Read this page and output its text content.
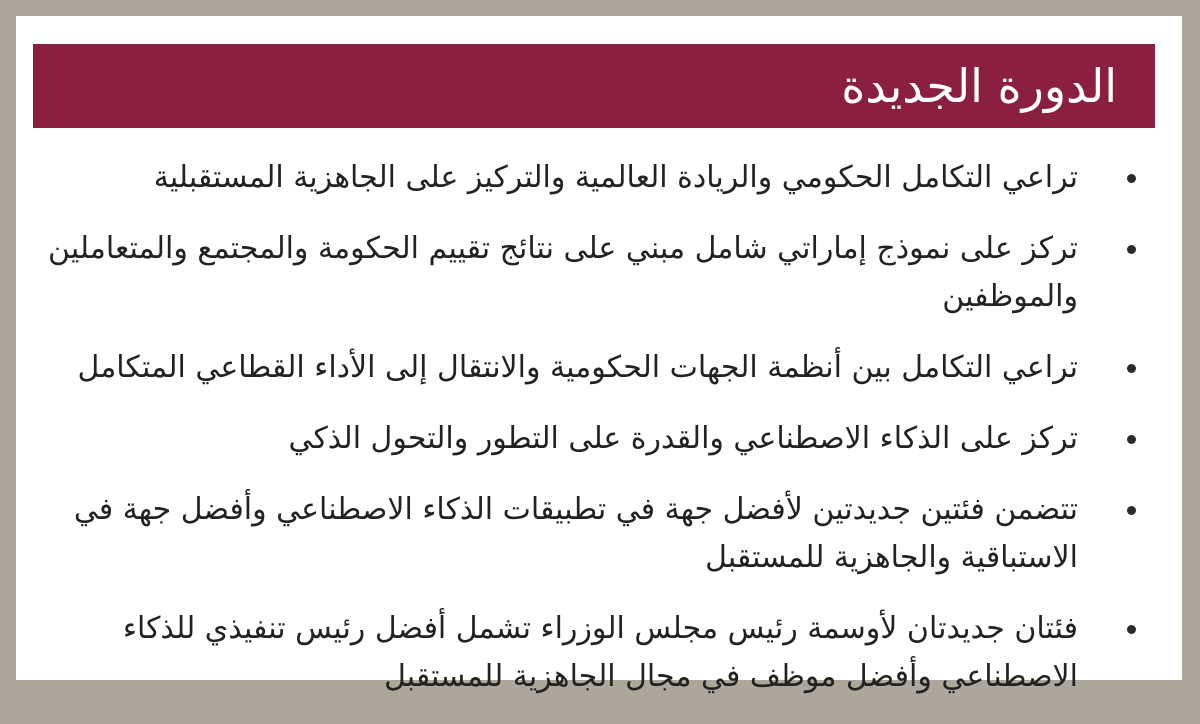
الدورة الجديدة
تراعي التكامل الحكومي والريادة العالمية والتركيز على الجاهزية المستقبلية
تركز على نموذج إماراتي شامل مبني على نتائج تقييم الحكومة والمجتمع والمتعاملين والموظفين
تراعي التكامل بين أنظمة الجهات الحكومية والانتقال إلى الأداء القطاعي المتكامل
تركز على الذكاء الاصطناعي والقدرة على التطور والتحول الذكي
تتضمن فئتين جديدتين لأفضل جهة في تطبيقات الذكاء الاصطناعي وأفضل جهة في الاستباقية والجاهزية للمستقبل
فئتان جديدتان لأوسمة رئيس مجلس الوزراء تشمل أفضل رئيس تنفيذي للذكاء الاصطناعي وأفضل موظف في مجال الجاهزية للمستقبل
